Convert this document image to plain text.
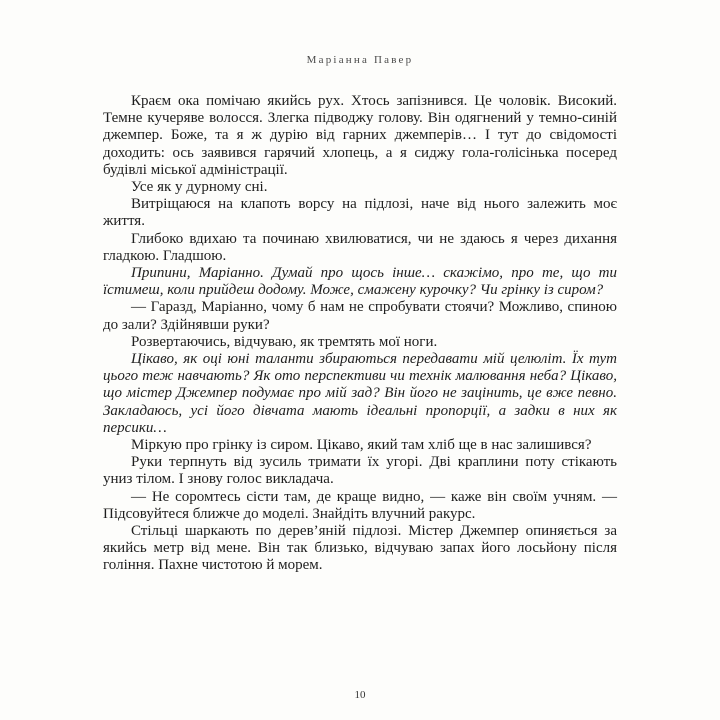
Маріанна Павер

Краєм ока помічаю якийсь рух. Хтось запізнився. Це чоловік. Високий. Темне кучеряве волосся. Злегка підводжу голову. Він одягнений у темно-синій джемпер. Боже, та я ж дурію від гарних джемперів… І тут до свідомості доходить: ось заявився гарячий хлопець, а я сиджу гола-голісінька посеред будівлі міської адміністрації.

Усе як у дурному сні.

Витріщаюся на клапоть ворсу на підлозі, наче від нього залежить моє життя.

Глибоко вдихаю та починаю хвилюватися, чи не здаюсь я через дихання гладкою. Гладшою.

Припини, Маріанно. Думай про щось інше… скажімо, про те, що ти їстимеш, коли прийдеш додому. Може, смажену курочку? Чи грінку із сиром?

— Гаразд, Маріанно, чому б нам не спробувати стоячи? Можливо, спиною до зали? Здійнявши руки?

Розвертаючись, відчуваю, як тремтять мої ноги.

Цікаво, як оці юні таланти збираються передавати мій целюліт. Їх тут цього теж навчають? Як ото перспективи чи технік малювання неба? Цікаво, що містер Джемпер подумає про мій зад? Він його не зацінить, це вже певно. Закладаюсь, усі його дівчата мають ідеальні пропорції, а задки в них як персики…

Міркую про грінку із сиром. Цікаво, який там хліб ще в нас залишився?

Руки терпнуть від зусиль тримати їх угорі. Дві краплини поту стікають униз тілом. І знову голос викладача.

— Не соромтесь сісти там, де краще видно, — каже він своїм учням. — Підсовуйтеся ближче до моделі. Знайдіть влучний ракурс.

Стільці шаркають по дерев’яній підлозі. Містер Джемпер опиняється за якийсь метр від мене. Він так близько, відчуваю запах його лосьйону після гоління. Пахне чистотою й морем.

10
